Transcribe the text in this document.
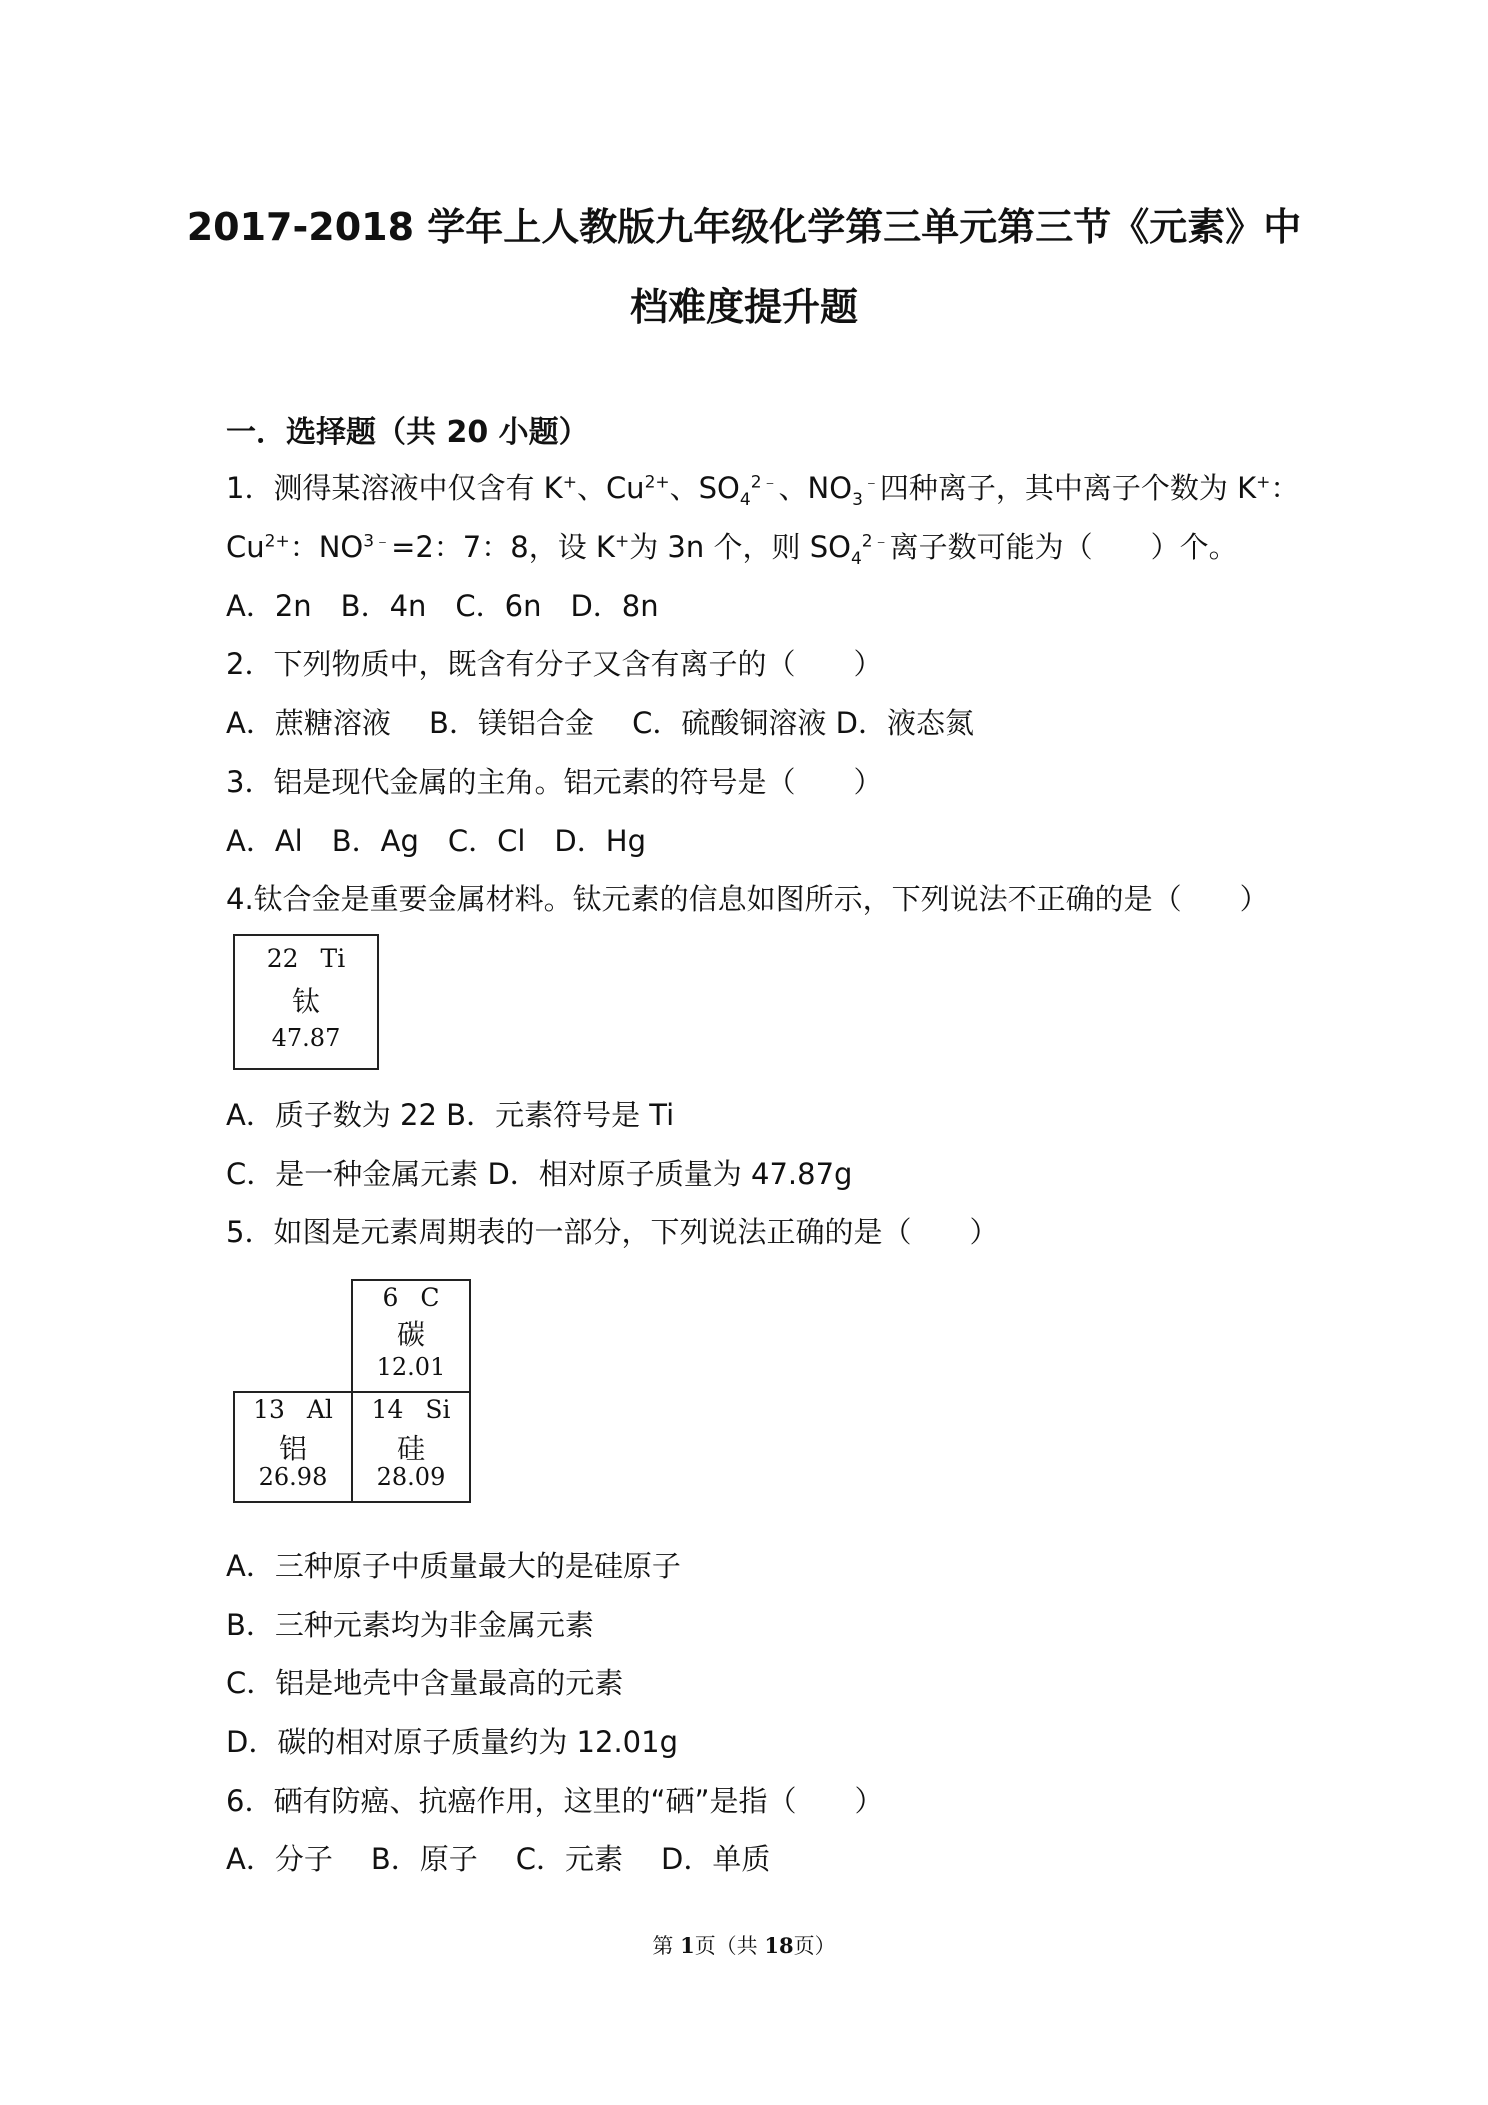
2017-2018 学年上人教版九年级化学第三单元第三节《元素》中
档难度提升题
一．选择题（共 20 小题）
1．测得某溶液中仅含有 K+、$Cu^{2+}$、$SO_4^{2﹣}$、$NO_3^﹣$四种离子，其中离子个数为 K+：
$Cu^{2+}$：$NO^{3﹣}=2$：7：8，设 K+为 3n 个，则 $SO_4^{2﹣}$离子数可能为（　　）个。
A．2n　B．4n　C．6n　D．8n
2．下列物质中，既含有分子又含有离子的（　　）
A．蔗糖溶液　 B．镁铝合金　 C．硫酸铜溶液 D．液态氮
3．铝是现代金属的主角。铝元素的符号是（　　）
A．Al　B．Ag　C．Cl　D．Hg
4.钛合金是重要金属材料。钛元素的信息如图所示，下列说法不正确的是（　　）
22 Ti
钛
47.87
A．质子数为 22 B．元素符号是 Ti
C．是一种金属元素 D．相对原子质量为 47.87g
5．如图是元素周期表的一部分，下列说法正确的是（　　）
6 C
碳
12.01
13 Al
铝
26.98
14 Si
硅
28.09
A．三种原子中质量最大的是硅原子
B．三种元素均为非金属元素
C．铝是地壳中含量最高的元素
D．碳的相对原子质量约为 12.01g
6．硒有防癌、抗癌作用，这里的“硒”是指（　　）
A．分子 B．原子 C．元素 D．单质
第 1页（共 18页）
